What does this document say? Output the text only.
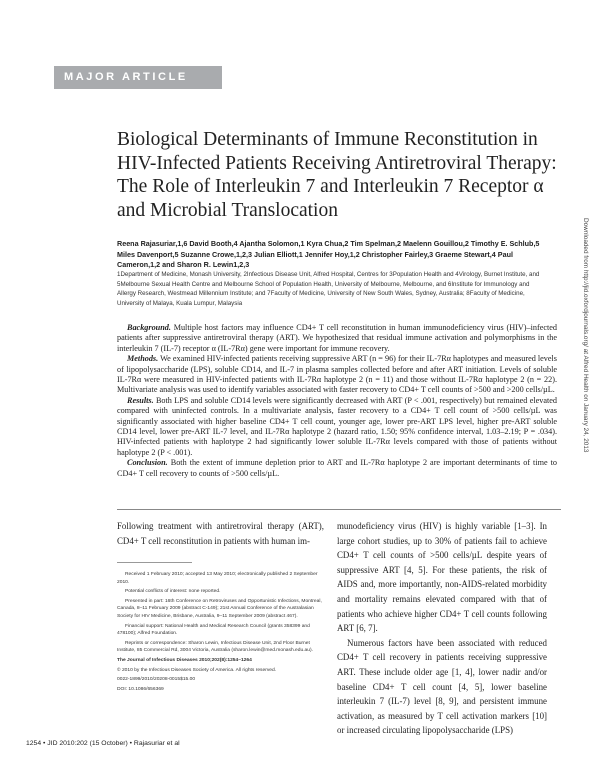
MAJOR ARTICLE
Biological Determinants of Immune Reconstitution in HIV-Infected Patients Receiving Antiretroviral Therapy: The Role of Interleukin 7 and Interleukin 7 Receptor α and Microbial Translocation
Reena Rajasuriar,1,6 David Booth,4 Ajantha Solomon,1 Kyra Chua,2 Tim Spelman,2 Maelenn Gouillou,2 Timothy E. Schlub,5 Miles Davenport,5 Suzanne Crowe,1,2,3 Julian Elliott,1 Jennifer Hoy,1,2 Christopher Fairley,3 Graeme Stewart,4 Paul Cameron,1,2 and Sharon R. Lewin1,2,3
1Department of Medicine, Monash University, 2Infectious Disease Unit, Alfred Hospital, Centres for 3Population Health and 4Virology, Burnet Institute, and 5Melbourne Sexual Health Centre and Melbourne School of Population Health, University of Melbourne, Melbourne, and 6Institute for Immunology and Allergy Research, Westmead Millennium Institute; and 7Faculty of Medicine, University of New South Wales, Sydney, Australia; 8Faculty of Medicine, University of Malaya, Kuala Lumpur, Malaysia

Background. Multiple host factors may influence CD4+ T cell reconstitution in human immunodeficiency virus (HIV)–infected patients after suppressive antiretroviral therapy (ART). We hypothesized that residual immune activation and polymorphisms in the interleukin 7 (IL-7) receptor α (IL-7Rα) gene were important for immune recovery.

Methods. We examined HIV-infected patients receiving suppressive ART (n = 96) for their IL-7Rα haplotypes and measured levels of lipopolysaccharide (LPS), soluble CD14, and IL-7 in plasma samples collected before and after ART initiation. Levels of soluble IL-7Rα were measured in HIV-infected patients with IL-7Rα haplotype 2 (n = 11) and those without IL-7Rα haplotype 2 (n = 22). Multivariate analysis was used to identify variables associated with faster recovery to CD4+ T cell counts of >500 and >200 cells/µL.

Results. Both LPS and soluble CD14 levels were significantly decreased with ART (P < .001, respectively) but remained elevated compared with uninfected controls. In a multivariate analysis, faster recovery to a CD4+ T cell count of >500 cells/µL was significantly associated with higher baseline CD4+ T cell count, younger age, lower pre-ART LPS level, higher pre-ART soluble CD14 level, lower pre-ART IL-7 level, and IL-7Rα haplotype 2 (hazard ratio, 1.50; 95% confidence interval, 1.03–2.19; P = .034). HIV-infected patients with haplotype 2 had significantly lower soluble IL-7Rα levels compared with those of patients without haplotype 2 (P < .001).

Conclusion. Both the extent of immune depletion prior to ART and IL-7Rα haplotype 2 are important determinants of time to CD4+ T cell recovery to counts of >500 cells/µL.

Following treatment with antiretroviral therapy (ART), CD4+ T cell reconstitution in patients with human im-

Received 1 February 2010; accepted 13 May 2010; electronically published 2 September 2010.

Potential conflicts of interest: none reported.

Presented in part: 16th Conference on Retroviruses and Opportunistic Infections, Montreal, Canada, 8–11 February 2009 (abstract C-149); 21st Annual Conference of the Australasian Society for HIV Medicine, Brisbane, Australia, 9–11 September 2009 (abstract 467).

Financial support: National Health and Medical Research Council (grants 358399 and 478100); Alfred Foundation.

Reprints or correspondence: Sharon Lewin, Infectious Disease Unit, 2nd Floor Burnet Institute, 85 Commercial Rd, 3004 Victoria, Australia (sharon.lewin@med.monash.edu.au).

The Journal of Infectious Diseases 2010;202(8):1254–1264

© 2010 by the Infectious Diseases Society of America. All rights reserved.

0022-1899/2010/20208-0015$15.00

DOI: 10.1086/656369

munodeficiency virus (HIV) is highly variable [1–3]. In large cohort studies, up to 30% of patients fail to achieve CD4+ T cell counts of >500 cells/µL despite years of suppressive ART [4, 5]. For these patients, the risk of AIDS and, more importantly, non-AIDS-related morbidity and mortality remains elevated compared with that of patients who achieve higher CD4+ T cell counts following ART [6, 7].

Numerous factors have been associated with reduced CD4+ T cell recovery in patients receiving suppressive ART. These include older age [1, 4], lower nadir and/or baseline CD4+ T cell count [4, 5], lower baseline interleukin 7 (IL-7) level [8, 9], and persistent immune activation, as measured by T cell activation markers [10] or increased circulating lipopolysaccharide (LPS)

1254 • JID 2010:202 (15 October) • Rajasuriar et al
Downloaded from http://jid.oxfordjournals.org/ at Alfred Health on January 24, 2013
